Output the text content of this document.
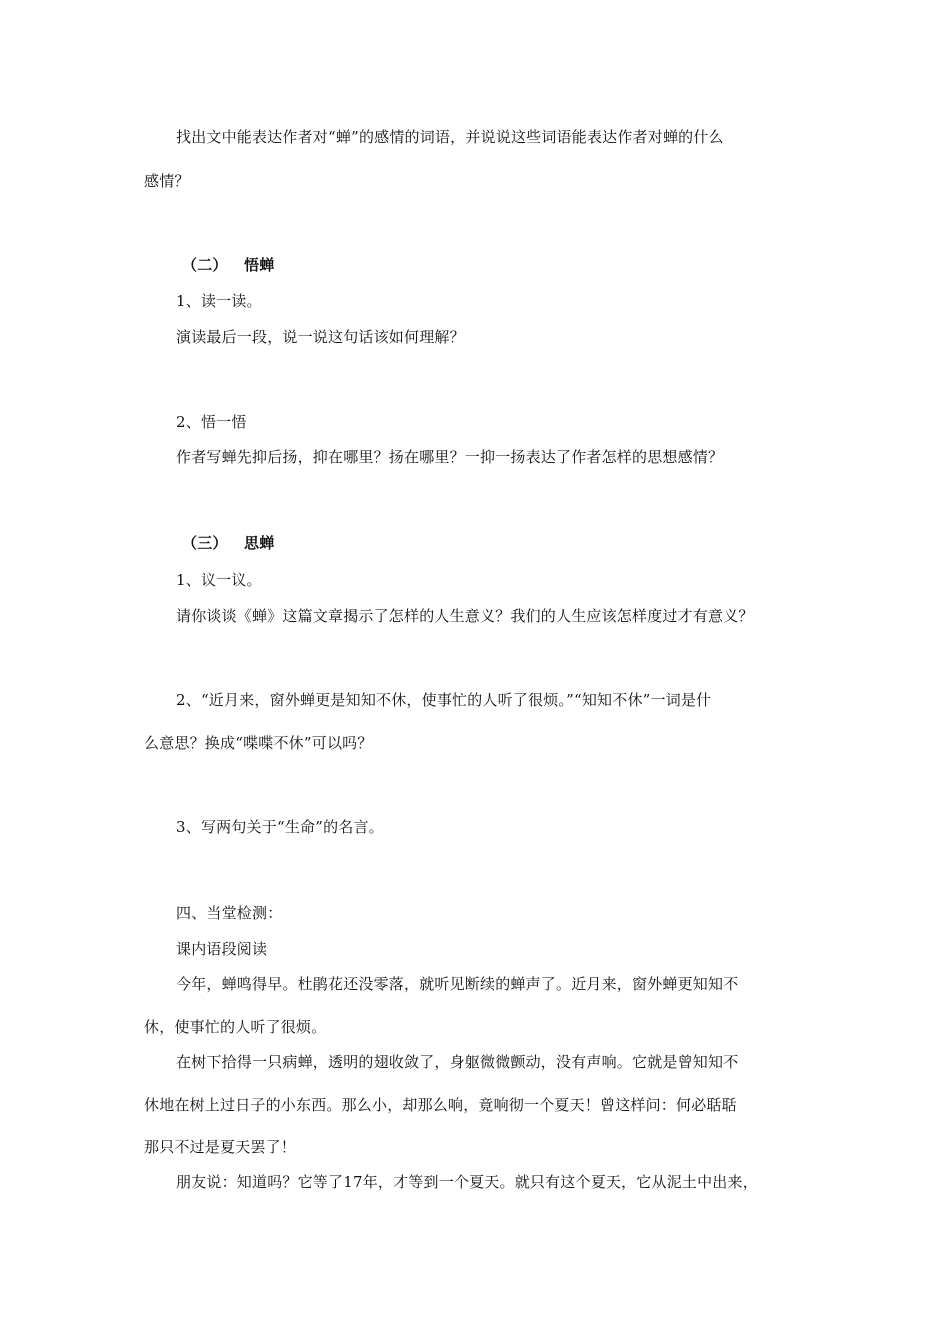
找出文中能表达作者对“蝉”的感情的词语，并说说这些词语能表达作者对蝉的什么
感情？
（二） 悟蝉
1、读一读。
演读最后一段，说一说这句话该如何理解？
2、悟一悟
作者写蝉先抑后扬，抑在哪里？扬在哪里？一抑一扬表达了作者怎样的思想感情？
（三） 思蝉
1、议一议。
请你谈谈《蝉》这篇文章揭示了怎样的人生意义？我们的人生应该怎样度过才有意义？
2、“近月来，窗外蝉更是知知不休，使事忙的人听了很烦。”“知知不休”一词是什
么意思？换成“喋喋不休”可以吗？
3、写两句关于“生命”的名言。
四、当堂检测：
课内语段阅读
今年，蝉鸣得早。杜鹃花还没零落，就听见断续的蝉声了。近月来，窗外蝉更知知不
休，使事忙的人听了很烦。
在树下拾得一只病蝉，透明的翅收敛了，身躯微微颤动，没有声响。它就是曾知知不
休地在树上过日子的小东西。那么小，却那么响，竟响彻一个夏天！曾这样问：何必聒聒
那只不过是夏天罢了！
朋友说：知道吗？它等了17年，才等到一个夏天。就只有这个夏天，它从泥土中出来，
